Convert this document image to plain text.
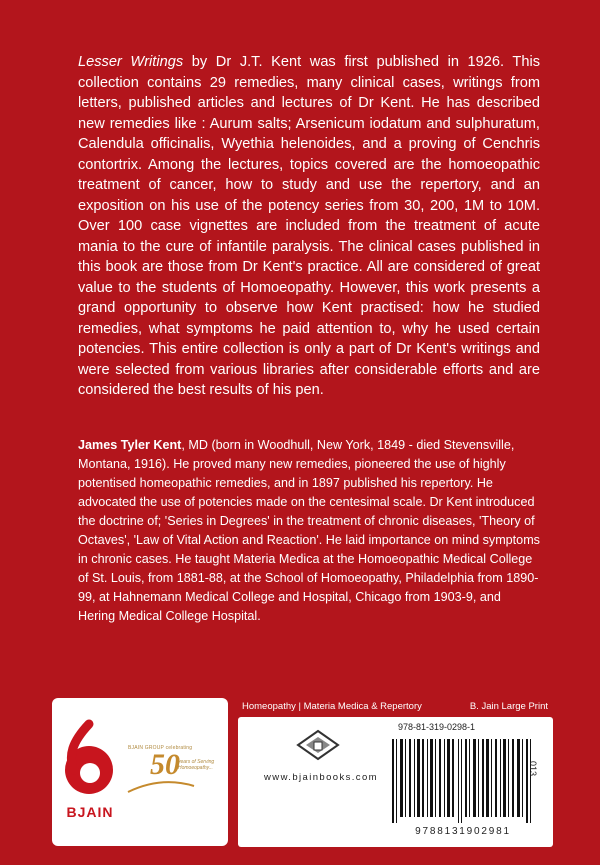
Lesser Writings by Dr J.T. Kent was first published in 1926. This collection contains 29 remedies, many clinical cases, writings from letters, published articles and lectures of Dr Kent. He has described new remedies like : Aurum salts; Arsenicum iodatum and sulphuratum, Calendula officinalis, Wyethia helenoides, and a proving of Cenchris contortrix. Among the lectures, topics covered are the homoeopathic treatment of cancer, how to study and use the repertory, and an exposition on his use of the potency series from 30, 200, 1M to 10M. Over 100 case vignettes are included from the treatment of acute mania to the cure of infantile paralysis. The clinical cases published in this book are those from Dr Kent's practice. All are considered of great value to the students of Homoeopathy. However, this work presents a grand opportunity to observe how Kent practised: how he studied remedies, what symptoms he paid attention to, why he used certain potencies. This entire collection is only a part of Dr Kent's writings and were selected from various libraries after considerable efforts and are considered the best results of his pen.

James Tyler Kent, MD (born in Woodhull, New York, 1849 - died Stevensville, Montana, 1916). He proved many new remedies, pioneered the use of highly potentised homeopathic remedies, and in 1897 published his repertory. He advocated the use of potencies made on the centesimal scale. Dr Kent introduced the doctrine of; 'Series in Degrees' in the treatment of chronic diseases, 'Theory of Octaves', 'Law of Vital Action and Reaction'. He laid importance on mind symptoms in chronic cases. He taught Materia Medica at the Homoeopathic Medical College of St. Louis, from 1881-88, at the School of Homoeopathy, Philadelphia from 1890-99, at Hahnemann Medical College and Hospital, Chicago from 1903-9, and Hering Medical College Hospital.

BJAIN
BJAIN GROUP celebrating
50
years of Serving Homoeopathy...
Homeopathy | Materia Medica & Repertory	B. Jain Large Print
978-81-319-0298-1
www.bjainbooks.com
9788131902981
013
